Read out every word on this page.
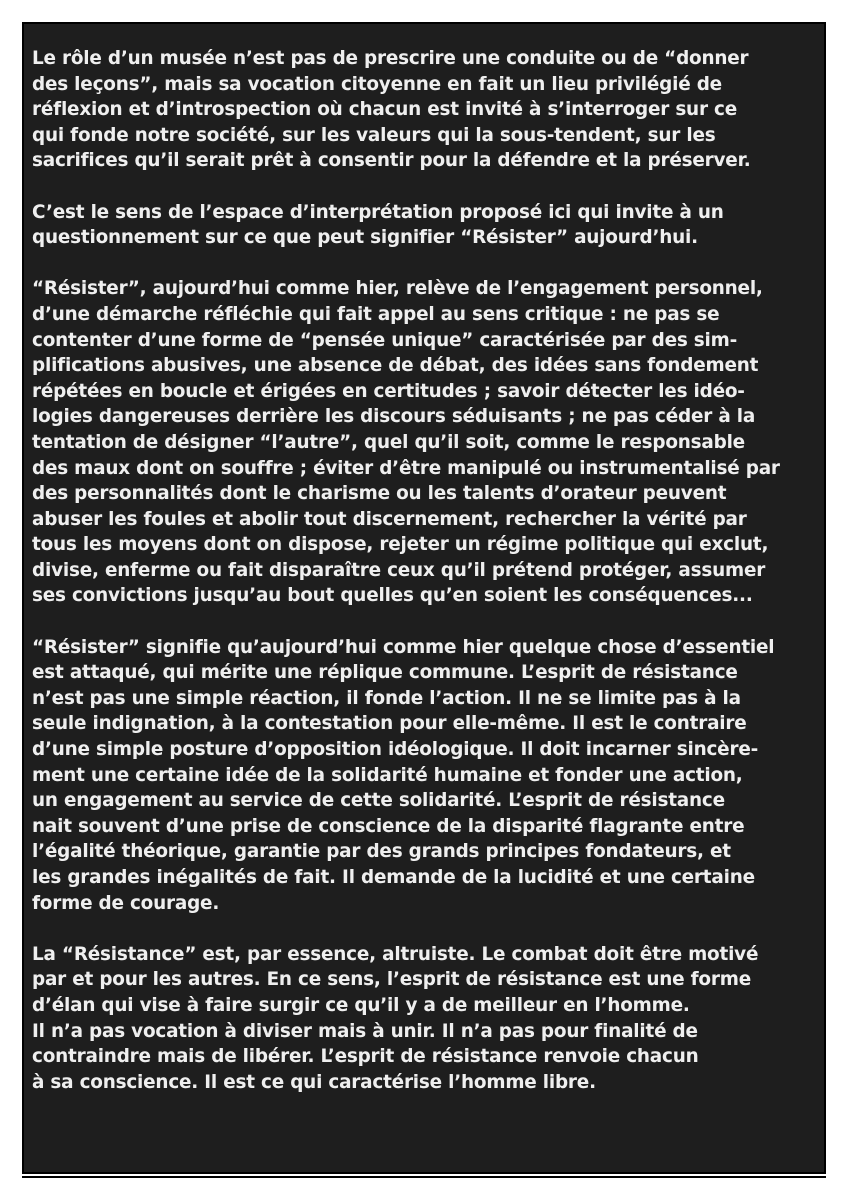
Le rôle d’un musée n’est pas de prescrire une conduite ou de “donner
des leçons”, mais sa vocation citoyenne en fait un lieu privilégié de
réflexion et d’introspection où chacun est invité à s’interroger sur ce
qui fonde notre société, sur les valeurs qui la sous-tendent, sur les
sacrifices qu’il serait prêt à consentir pour la défendre et la préserver.
C’est le sens de l’espace d’interprétation proposé ici qui invite à un
questionnement sur ce que peut signifier “Résister” aujourd’hui.
“Résister”, aujourd’hui comme hier, relève de l’engagement personnel,
d’une démarche réfléchie qui fait appel au sens critique : ne pas se
contenter d’une forme de “pensée unique” caractérisée par des sim-
plifications abusives, une absence de débat, des idées sans fondement
répétées en boucle et érigées en certitudes ; savoir détecter les idéo-
logies dangereuses derrière les discours séduisants ; ne pas céder à la
tentation de désigner “l’autre”, quel qu’il soit, comme le responsable
des maux dont on souffre ; éviter d’être manipulé ou instrumentalisé par
des personnalités dont le charisme ou les talents d’orateur peuvent
abuser les foules et abolir tout discernement, rechercher la vérité par
tous les moyens dont on dispose, rejeter un régime politique qui exclut,
divise, enferme ou fait disparaître ceux qu’il prétend protéger, assumer
ses convictions jusqu’au bout quelles qu’en soient les conséquences...
“Résister” signifie qu’aujourd’hui comme hier quelque chose d’essentiel
est attaqué, qui mérite une réplique commune. L’esprit de résistance
n’est pas une simple réaction, il fonde l’action. Il ne se limite pas à la
seule indignation, à la contestation pour elle-même. Il est le contraire
d’une simple posture d’opposition idéologique. Il doit incarner sincère-
ment une certaine idée de la solidarité humaine et fonder une action,
un engagement au service de cette solidarité. L’esprit de résistance
nait souvent d’une prise de conscience de la disparité flagrante entre
l’égalité théorique, garantie par des grands principes fondateurs, et
les grandes inégalités de fait. Il demande de la lucidité et une certaine
forme de courage.
La “Résistance” est, par essence, altruiste. Le combat doit être motivé
par et pour les autres. En ce sens, l’esprit de résistance est une forme
d’élan qui vise à faire surgir ce qu’il y a de meilleur en l’homme.
Il n’a pas vocation à diviser mais à unir. Il n’a pas pour finalité de
contraindre mais de libérer. L’esprit de résistance renvoie chacun
à sa conscience. Il est ce qui caractérise l’homme libre.
